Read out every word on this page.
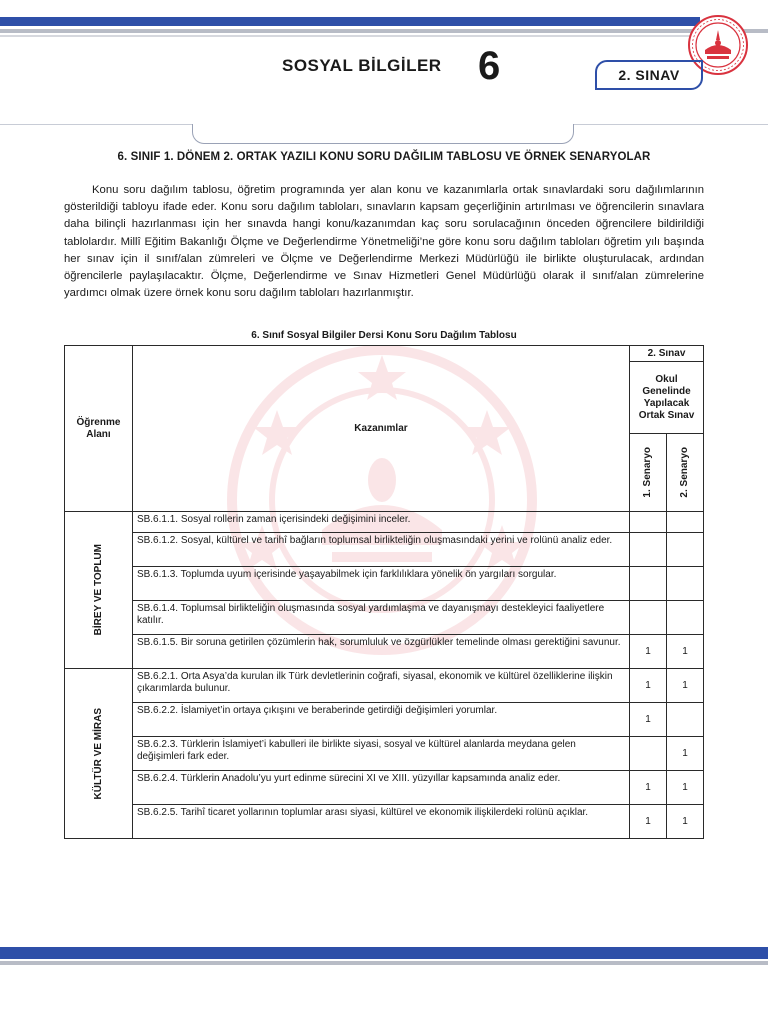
SOSYAL BİLGİLER 6	2. SINAV
6. SINIF 1. DÖNEM 2. ORTAK YAZILI KONU SORU DAĞILIM TABLOSU VE ÖRNEK SENARYOLAR

Konu soru dağılım tablosu, öğretim programında yer alan konu ve kazanımlarla ortak sınavlardaki soru dağılımlarının gösterildiği tabloyu ifade eder. Konu soru dağılım tabloları, sınavların kapsam geçerliğinin artırılması ve öğrencilerin sınavlara daha bilinçli hazırlanması için her sınavda hangi konu/kazanımdan kaç soru sorulacağının önceden öğrencilere bildirildiği tablolardır. Millî Eğitim Bakanlığı Ölçme ve Değerlendirme Yönetmeliği’ne göre konu soru dağılım tabloları öğretim yılı başında her sınav için il sınıf/alan zümreleri ve Ölçme ve Değerlendirme Merkezi Müdürlüğü ile birlikte oluşturulacak, ardından öğrencilerle paylaşılacaktır. Ölçme, Değerlendirme ve Sınav Hizmetleri Genel Müdürlüğü olarak il sınıf/alan zümrelerine yardımcı olmak üzere örnek konu soru dağılım tabloları hazırlanmıştır.

6. Sınıf Sosyal Bilgiler Dersi Konu Soru Dağılım Tablosu
Öğrenme Alanı	Kazanımlar	2. Sınav	
		Okul Genelinde Yapılacak Ortak Sınav	

		1. Senaryo	2. Senaryo

BİREY VE TOPLUM	SB.6.1.1. Sosyal rollerin zaman içerisindeki değişimini inceler.		
	SB.6.1.2. Sosyal, kültürel ve tarihî bağların toplumsal birlikteliğin oluşmasındaki yerini ve rolünü analiz eder.		
	SB.6.1.3. Toplumda uyum içerisinde yaşayabilmek için farklılıklara yönelik ön yargıları sorgular.		
	SB.6.1.4. Toplumsal birlikteliğin oluşmasında sosyal yardımlaşma ve dayanışmayı destekleyici faaliyetlere katılır.		
	SB.6.1.5. Bir soruna getirilen çözümlerin hak, sorumluluk ve özgürlükler temelinde olması gerektiğini savunur.	1	1

KÜLTÜR VE MİRAS	SB.6.2.1. Orta Asya’da kurulan ilk Türk devletlerinin coğrafi, siyasal, ekonomik ve kültürel özelliklerine ilişkin çıkarımlarda bulunur.	1	1
	SB.6.2.2. İslamiyet’in ortaya çıkışını ve beraberinde getirdiği değişimleri yorumlar.	1	
	SB.6.2.3. Türklerin İslamiyet’i kabulleri ile birlikte siyasi, sosyal ve kültürel alanlarda meydana gelen değişimleri fark eder.		1
	SB.6.2.4. Türklerin Anadolu’yu yurt edinme sürecini XI ve XIII. yüzyıllar kapsamında analiz eder.	1	1
	SB.6.2.5. Tarihî ticaret yollarının toplumlar arası siyasi, kültürel ve ekonomik ilişkilerdeki rolünü açıklar.	1	1
